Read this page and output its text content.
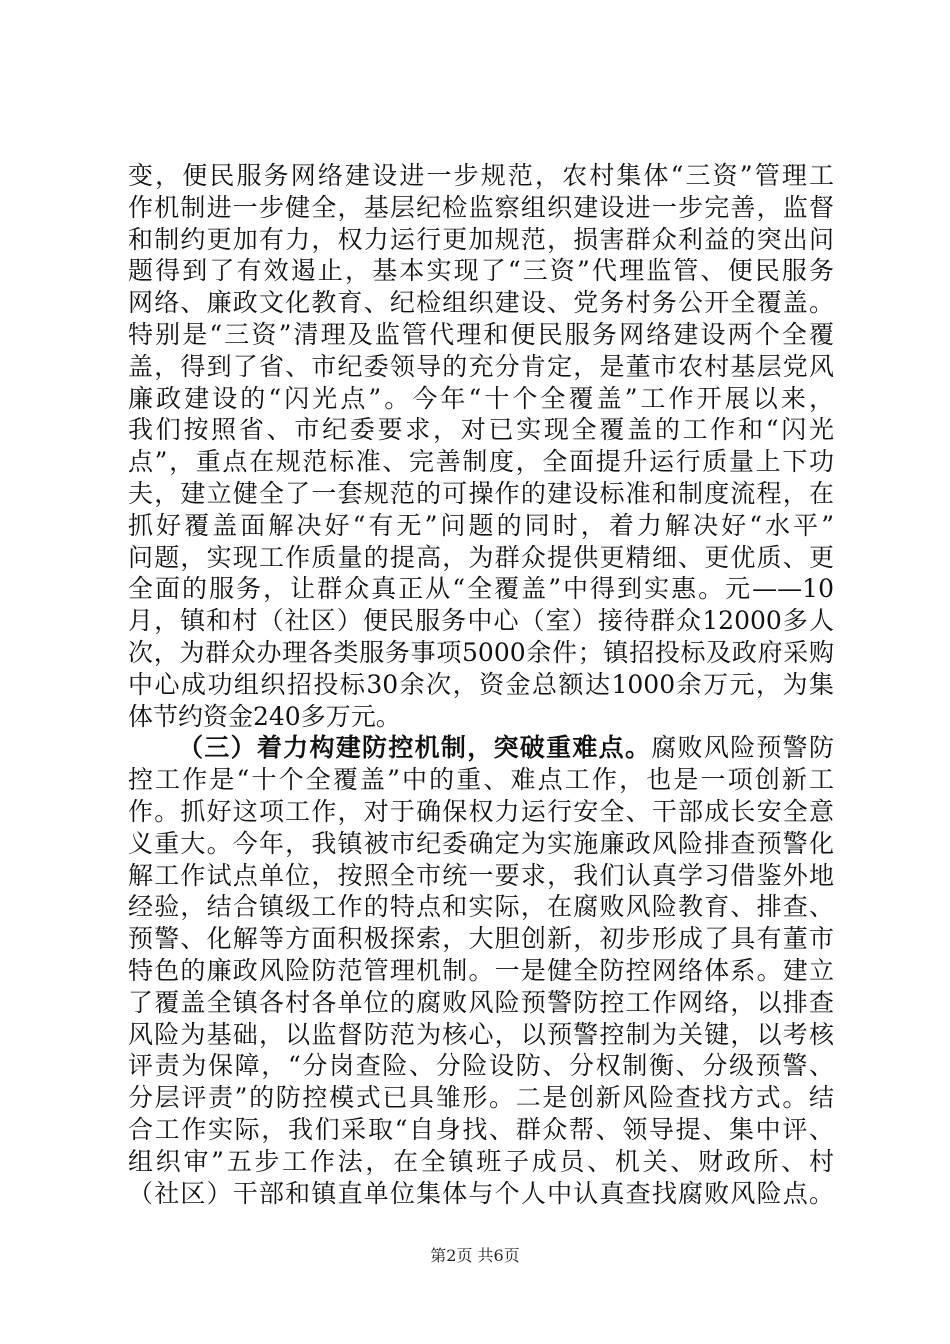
变，便民服务网络建设进一步规范，农村集体“三资”管理工
作机制进一步健全，基层纪检监察组织建设进一步完善，监督
和制约更加有力，权力运行更加规范，损害群众利益的突出问
题得到了有效遏止，基本实现了“三资”代理监管、便民服务
网络、廉政文化教育、纪检组织建设、党务村务公开全覆盖。
特别是“三资”清理及监管代理和便民服务网络建设两个全覆
盖，得到了省、市纪委领导的充分肯定，是董市农村基层党风
廉政建设的“闪光点”。今年“十个全覆盖”工作开展以来，
我们按照省、市纪委要求，对已实现全覆盖的工作和“闪光
点”，重点在规范标准、完善制度，全面提升运行质量上下功
夫，建立健全了一套规范的可操作的建设标准和制度流程，在
抓好覆盖面解决好“有无”问题的同时，着力解决好“水平”
问题，实现工作质量的提高，为群众提供更精细、更优质、更
全面的服务，让群众真正从“全覆盖”中得到实惠。元——10
月，镇和村（社区）便民服务中心（室）接待群众12000多人
次，为群众办理各类服务事项5000余件；镇招投标及政府采购
中心成功组织招投标30余次，资金总额达1000余万元，为集
体节约资金240多万元。
（三）着力构建防控机制，突破重难点。腐败风险预警防
控工作是“十个全覆盖”中的重、难点工作，也是一项创新工
作。抓好这项工作，对于确保权力运行安全、干部成长安全意
义重大。今年，我镇被市纪委确定为实施廉政风险排查预警化
解工作试点单位，按照全市统一要求，我们认真学习借鉴外地
经验，结合镇级工作的特点和实际，在腐败风险教育、排查、
预警、化解等方面积极探索，大胆创新，初步形成了具有董市
特色的廉政风险防范管理机制。一是健全防控网络体系。建立
了覆盖全镇各村各单位的腐败风险预警防控工作网络，以排查
风险为基础，以监督防范为核心，以预警控制为关键，以考核
评责为保障，“分岗查险、分险设防、分权制衡、分级预警、
分层评责”的防控模式已具雏形。二是创新风险查找方式。结
合工作实际，我们采取“自身找、群众帮、领导提、集中评、
组织审”五步工作法，在全镇班子成员、机关、财政所、村
（社区）干部和镇直单位集体与个人中认真查找腐败风险点。
第2页 共6页
